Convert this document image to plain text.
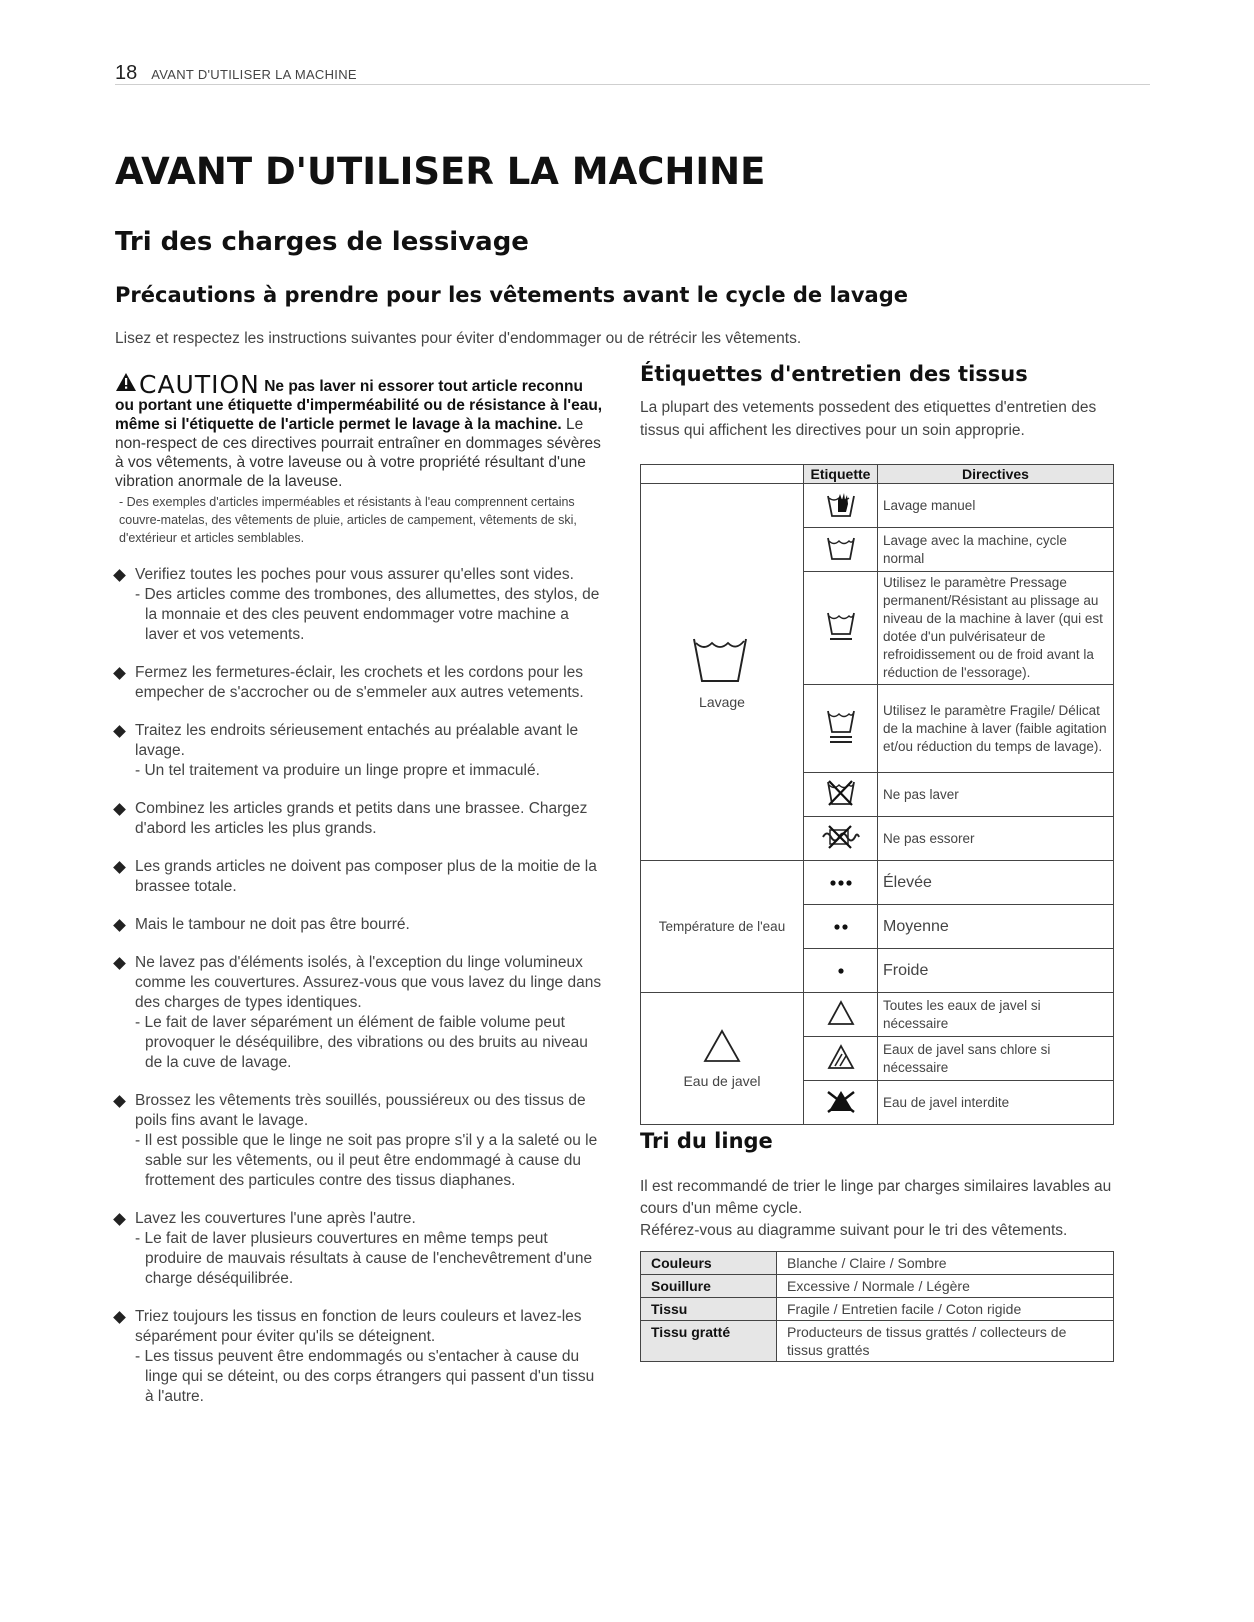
18 AVANT D'UTILISER LA MACHINE
AVANT D'UTILISER LA MACHINE
Tri des charges de lessivage
Précautions à prendre pour les vêtements avant le cycle de lavage

Lisez et respectez les instructions suivantes pour éviter d'endommager ou de rétrécir les vêtements.

CAUTION Ne pas laver ni essorer tout article reconnu ou portant une étiquette d'imperméabilité ou de résistance à l'eau, même si l'étiquette de l'article permet le lavage à la machine. Le non-respect de ces directives pourrait entraîner en dommages sévères à vos vêtements, à votre laveuse ou à votre propriété résultant d'une vibration anormale de la laveuse.

- Des exemples d'articles imperméables et résistants à l'eau comprennent certains couvre-matelas, des vêtements de pluie, articles de campement, vêtements de ski, d'extérieur et articles semblables.

Verifiez toutes les poches pour vous assurer qu'elles sont vides.
- Des articles comme des trombones, des allumettes, des stylos, de la monnaie et des cles peuvent endommager votre machine a laver et vos vetements.
Fermez les fermetures-éclair, les crochets et les cordons pour les empecher de s'accrocher ou de s'emmeler aux autres vetements.
Traitez les endroits sérieusement entachés au préalable avant le lavage.
- Un tel traitement va produire un linge propre et immaculé.
Combinez les articles grands et petits dans une brassee. Chargez d'abord les articles les plus grands.
Les grands articles ne doivent pas composer plus de la moitie de la brassee totale.
Mais le tambour ne doit pas être bourré.
Ne lavez pas d'éléments isolés, à l'exception du linge volumineux comme les couvertures. Assurez-vous que vous lavez du linge dans des charges de types identiques.
- Le fait de laver séparément un élément de faible volume peut provoquer le déséquilibre, des vibrations ou des bruits au niveau de la cuve de lavage.
Brossez les vêtements très souillés, poussiéreux ou des tissus de poils fins avant le lavage.
- Il est possible que le linge ne soit pas propre s'il y a la saleté ou le sable sur les vêtements, ou il peut être endommagé à cause du frottement des particules contre des tissus diaphanes.
Lavez les couvertures l'une après l'autre.
- Le fait de laver plusieurs couvertures en même temps peut produire de mauvais résultats à cause de l'enchevêtrement d'une charge déséquilibrée.
Triez toujours les tissus en fonction de leurs couleurs et lavez-les séparément pour éviter qu'ils se déteignent.
- Les tissus peuvent être endommagés ou s'entacher à cause du linge qui se déteint, ou des corps étrangers qui passent d'un tissu à l'autre.
Étiquettes d'entretien des tissus

La plupart des vetements possedent des etiquettes d'entretien des tissus qui affichent les directives pour un soin approprie.

	Etiquette	Directives

Lavage		Lavage manuel
	Lavage avec la machine, cycle normal
	Utilisez le paramètre Pressage permanent/Résistant au plissage au niveau de la machine à laver (qui est dotée d'un pulvérisateur de refroidissement ou de froid avant la réduction de l'essorage).
	Utilisez le paramètre Fragile/ Délicat de la machine à laver (faible agitation et/ou réduction du temps de lavage).
	Ne pas laver
	Ne pas essorer
Température de l'eau		Élevée
	Moyenne
	Froide

Eau de javel		Toutes les eaux de javel si nécessaire
	Eaux de javel sans chlore si nécessaire
	Eau de javel interdite
Tri du linge
Il est recommandé de trier le linge par charges similaires lavables au cours d'un même cycle.
Référez-vous au diagramme suivant pour le tri des vêtements.
Couleurs	Blanche / Claire / Sombre
Souillure	Excessive / Normale / Légère
Tissu	Fragile / Entretien facile / Coton rigide
Tissu gratté	Producteurs de tissus grattés / collecteurs de tissus grattés
